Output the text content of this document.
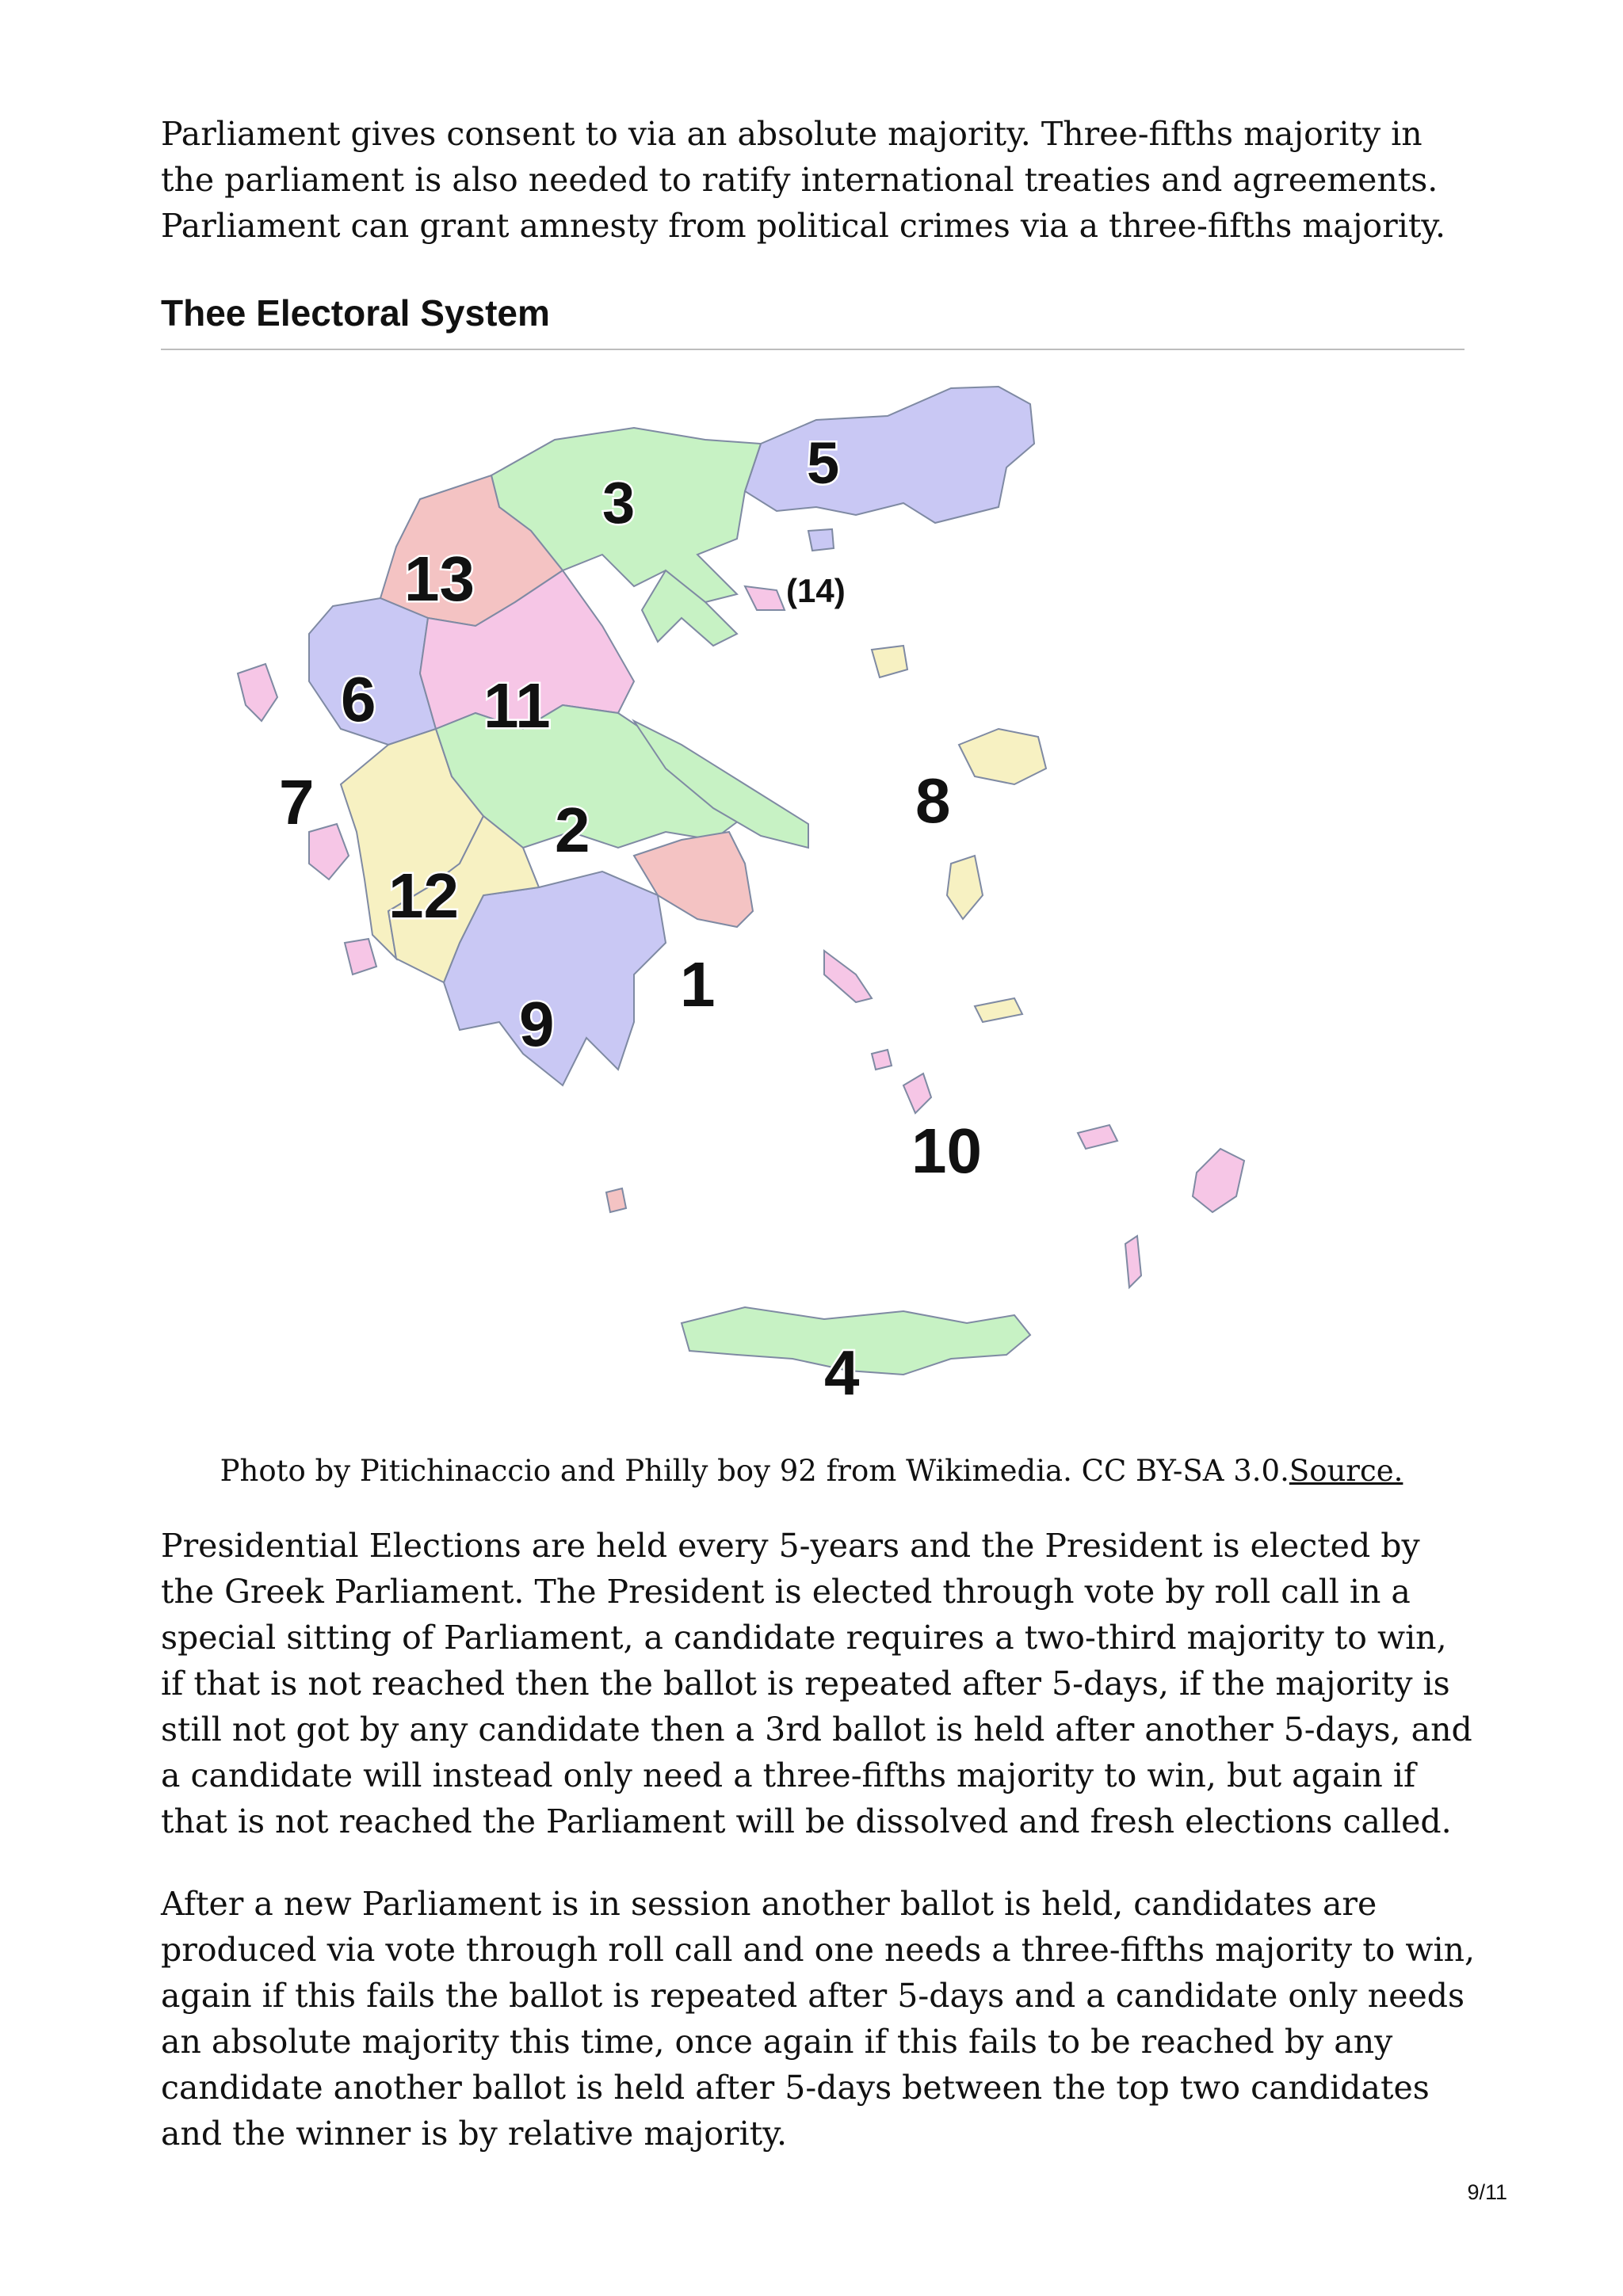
Parliament gives consent to via an absolute majority. Three-fifths majority in the parliament is also needed to ratify international treaties and agreements. Parliament can grant amnesty from political crimes via a three-fifths majority.

Thee Electoral System
5
3
(14)
13
6 11
7	8
2
12
1
9
10
4

Photo by Pitichinaccio and Philly boy 92 from Wikimedia. CC BY-SA 3.0.Source.

Presidential Elections are held every 5-years and the President is elected by the Greek Parliament. The President is elected through vote by roll call in a special sitting of Parliament, a candidate requires a two-third majority to win, if that is not reached then the ballot is repeated after 5-days, if the majority is still not got by any candidate then a 3rd ballot is held after another 5-days, and a candidate will instead only need a three-fifths majority to win, but again if that is not reached the Parliament will be dissolved and fresh elections called.

After a new Parliament is in session another ballot is held, candidates are produced via vote through roll call and one needs a three-fifths majority to win, again if this fails the ballot is repeated after 5-days and a candidate only needs an absolute majority this time, once again if this fails to be reached by any candidate another ballot is held after 5-days between the top two candidates and the winner is by relative majority.

9/11
